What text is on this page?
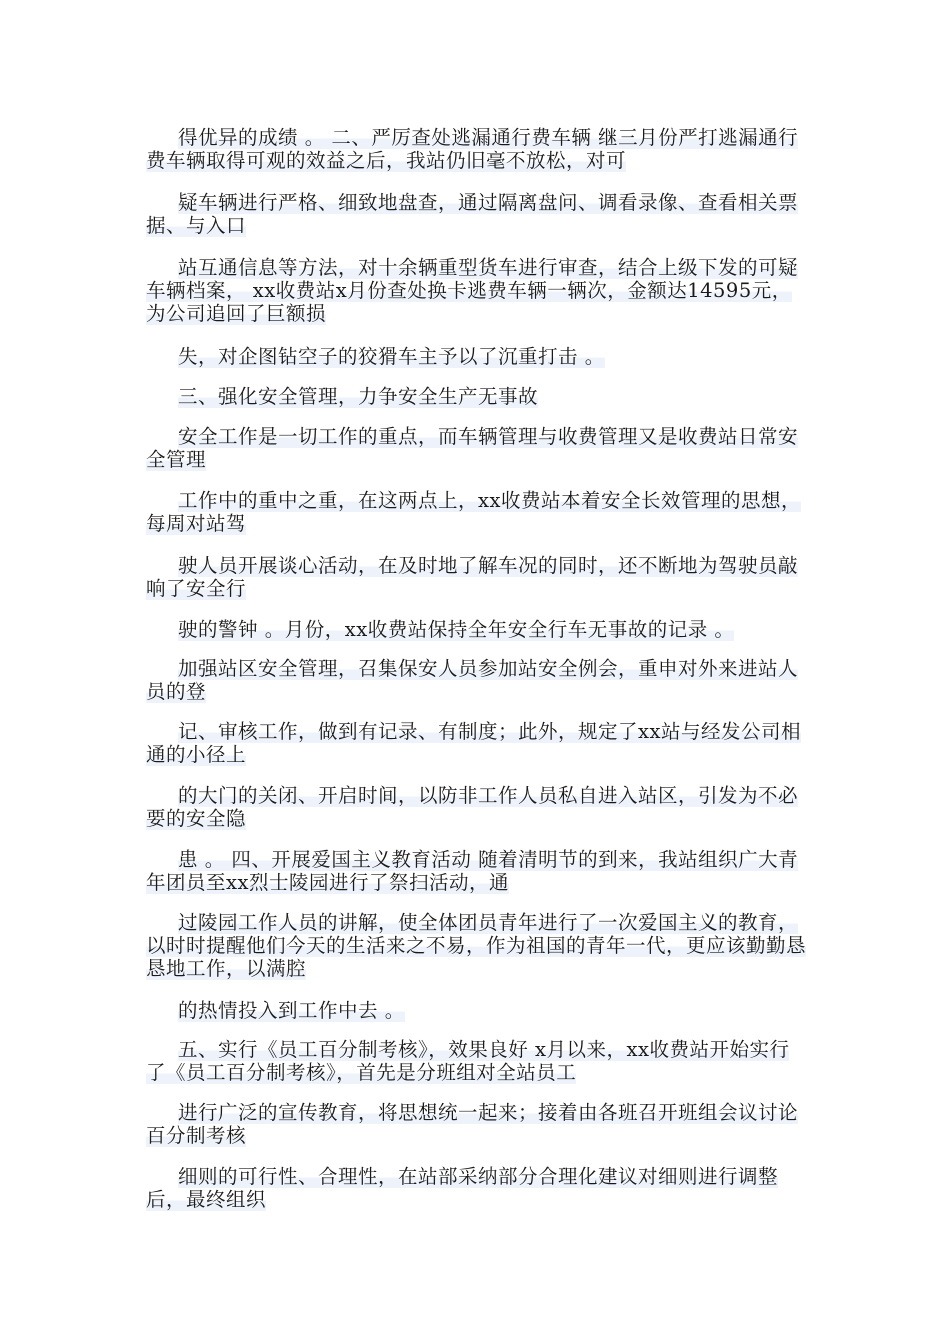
得优异的成绩 。 二、严厉查处逃漏通行费车辆 继三月份严打逃漏通行费车辆取得可观的效益之后，我站仍旧毫不放松，对可

疑车辆进行严格、细致地盘查，通过隔离盘问、调看录像、查看相关票据、与入口

站互通信息等方法，对十余辆重型货车进行审查，结合上级下发的可疑车辆档案， xx收费站x月份查处换卡逃费车辆一辆次，金额达14595元，为公司追回了巨额损

失，对企图钻空子的狡猾车主予以了沉重打击 。

三、强化安全管理，力争安全生产无事故

安全工作是一切工作的重点，而车辆管理与收费管理又是收费站日常安全管理

工作中的重中之重，在这两点上，xx收费站本着安全长效管理的思想，每周对站驾

驶人员开展谈心活动，在及时地了解车况的同时，还不断地为驾驶员敲响了安全行

驶的警钟 。月份，xx收费站保持全年安全行车无事故的记录 。

加强站区安全管理，召集保安人员参加站安全例会，重申对外来进站人员的登

记、审核工作，做到有记录、有制度；此外，规定了xx站与经发公司相通的小径上

的大门的关闭、开启时间，以防非工作人员私自进入站区，引发为不必要的安全隐

患 。 四、开展爱国主义教育活动 随着清明节的到来，我站组织广大青年团员至xx烈士陵园进行了祭扫活动，通

过陵园工作人员的讲解，使全体团员青年进行了一次爱国主义的教育，以时时提醒他们今天的生活来之不易，作为祖国的青年一代，更应该勤勤恳恳地工作，以满腔

的热情投入到工作中去 。

五、实行《员工百分制考核》，效果良好 x月以来，xx收费站开始实行了《员工百分制考核》，首先是分班组对全站员工

进行广泛的宣传教育，将思想统一起来；接着由各班召开班组会议讨论百分制考核

细则的可行性、合理性，在站部采纳部分合理化建议对细则进行调整后，最终组织
